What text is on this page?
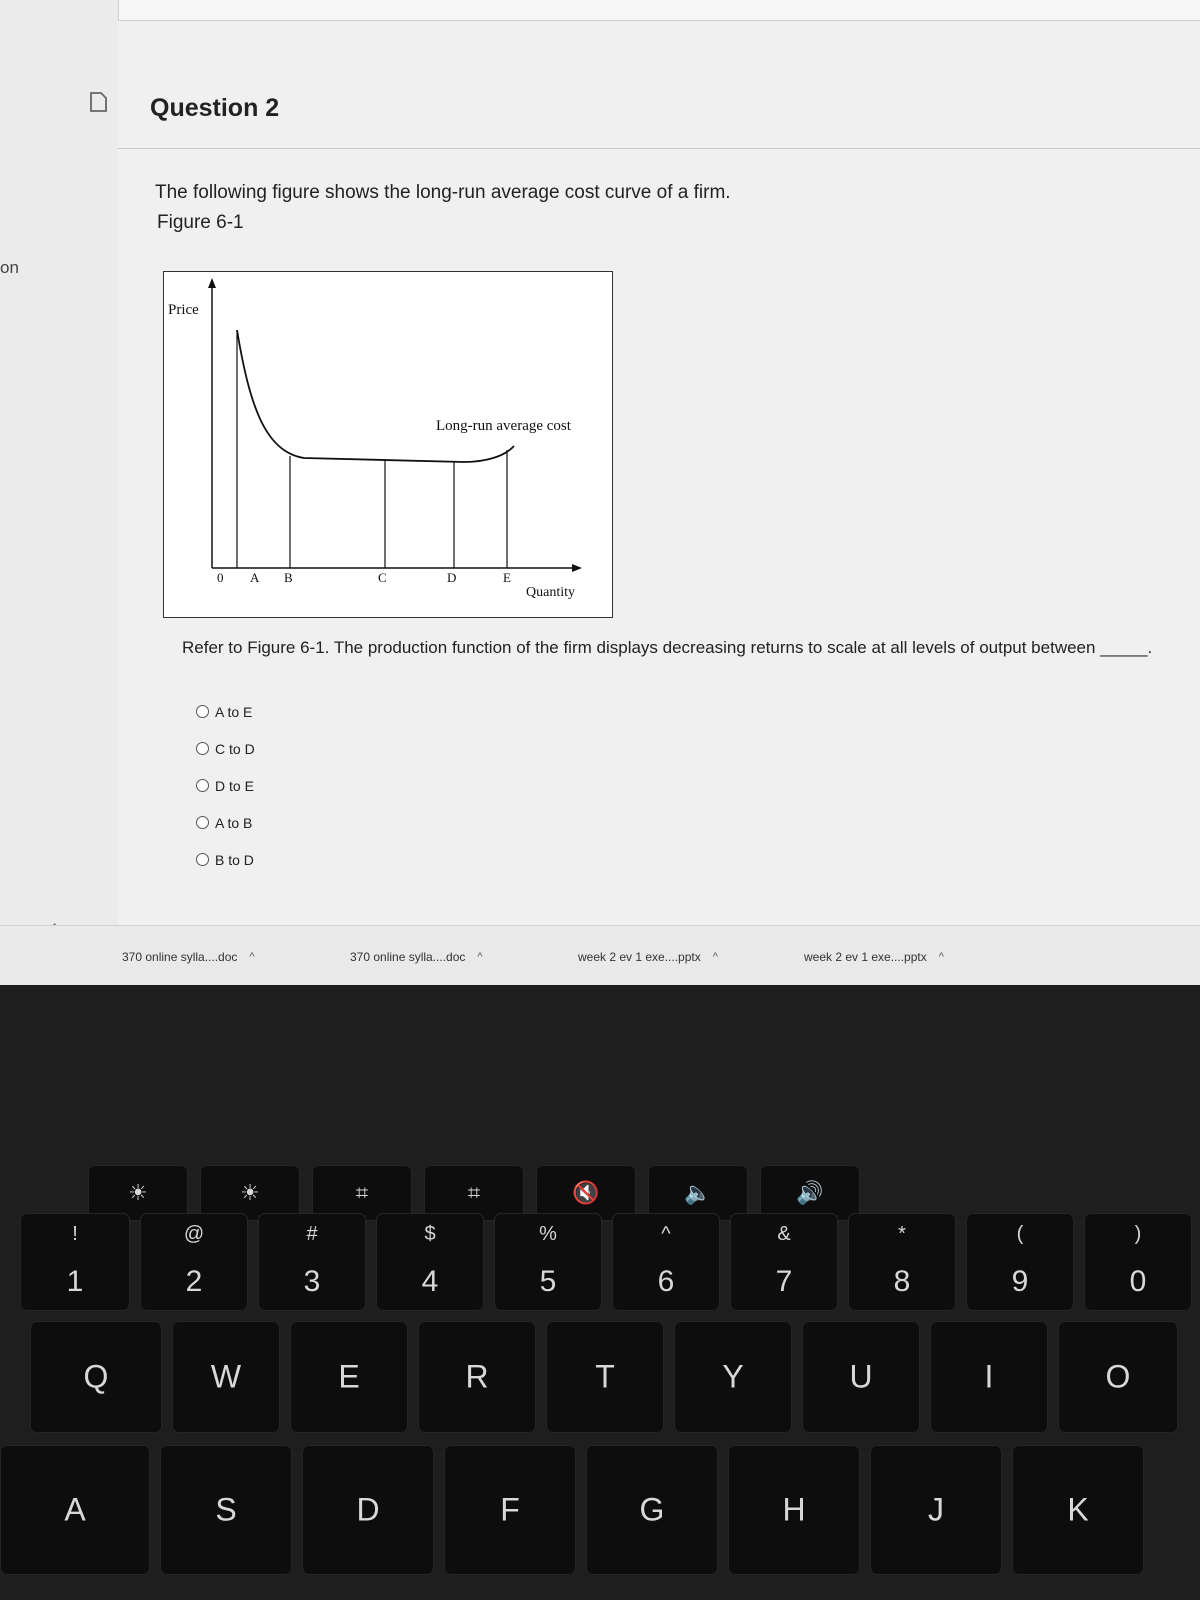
on
Question 2
The following figure shows the long-run average cost curve of a firm.
Figure 6-1
Price
Long-run average cost
Quantity
0 A B	C	D	E
Refer to Figure 6-1. The production function of the firm displays decreasing returns to scale at all levels of output between _____.
A to E
C to D
D to E
A to B
B to D
370 online sylla....doc ^	370 online sylla....doc ^	week 2 ev 1 exe....pptx ^	week 2 ev 1 exe....pptx ^
☀	☀	⌗	⌗	🔇	🔈	🔊
!
1
@
2
#
3
$
4
%
5
^
6
&
7
*
8
(
9
)
0
Q	W	E	R	T	Y	U	I	O
A	S	D	F	G	H	J	K
